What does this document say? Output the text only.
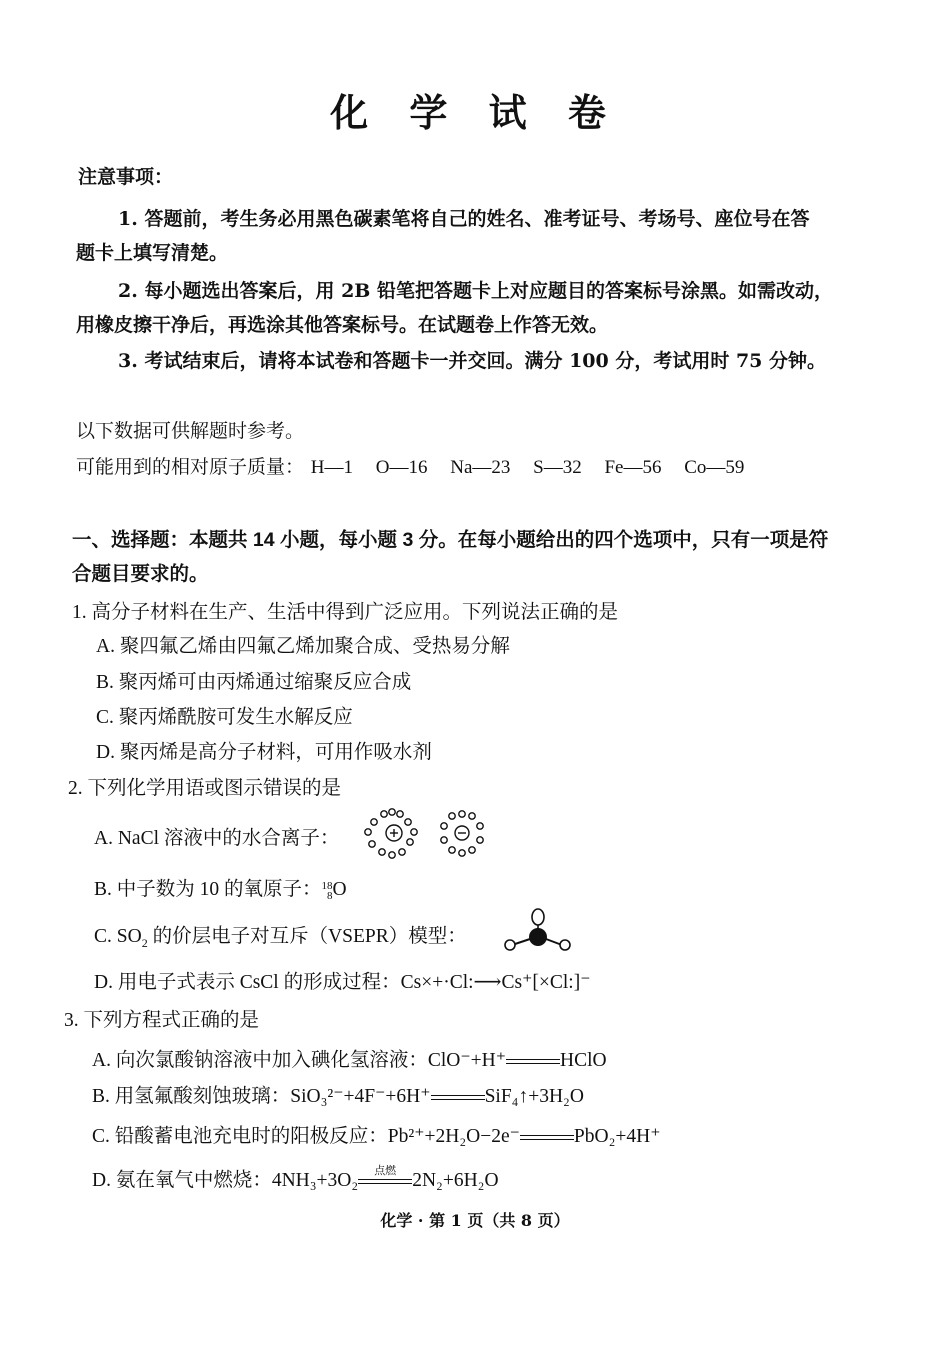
化 学 试 卷
注意事项：
1. 答题前，考生务必用黑色碳素笔将自己的姓名、准考证号、考场号、座位号在答
题卡上填写清楚。
2. 每小题选出答案后，用 2B 铅笔把答题卡上对应题目的答案标号涂黑。如需改动，
用橡皮擦干净后，再选涂其他答案标号。在试题卷上作答无效。
3. 考试结束后，请将本试卷和答题卡一并交回。满分 100 分，考试用时 75 分钟。
以下数据可供解题时参考。
可能用到的相对原子质量： H—1 O—16 Na—23 S—32 Fe—56 Co—59
一、选择题：本题共 14 小题，每小题 3 分。在每小题给出的四个选项中，只有一项是符
合题目要求的。
1. 高分子材料在生产、生活中得到广泛应用。下列说法正确的是
A. 聚四氟乙烯由四氟乙烯加聚合成、受热易分解
B. 聚丙烯可由丙烯通过缩聚反应合成
C. 聚丙烯酰胺可发生水解反应
D. 聚丙烯是高分子材料，可用作吸水剂
2. 下列化学用语或图示错误的是
A. NaCl 溶液中的水合离子：
B. 中子数为 10 的氧原子： 18
8 O
C. $SO_2$ 的价层电子对互斥（VSEPR）模型：
D. 用电子式表示 CsCl 的形成过程：Cs×+·Cl:⟶Cs⁺[×Cl:]⁻
3. 下列方程式正确的是
A. 向次氯酸钠溶液中加入碘化氢溶液：ClO⁻+H⁺	HClO
B. 用氢氟酸刻蚀玻璃：SiO₃²⁻+4F⁻+6H⁺	SiF₄↑+3H₂O
C. 铅酸蓄电池充电时的阳极反应：Pb²⁺+2H₂O−2e⁻	PbO₂+4H⁺
D. 氨在氧气中燃烧：4NH₃+3O₂	点燃 2N₂+6H₂O
化学 · 第 1 页（共 8 页）
